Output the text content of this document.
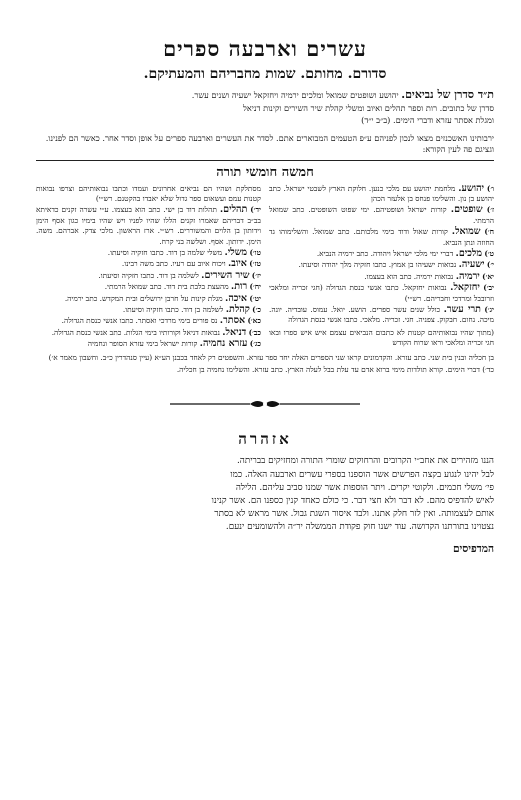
עשרים וארבעה ספרים
סדורם. מחותם. שמות מחבריהם והמעתיקם.

ת״ד סדרן של נביאים. יהושע ושופטים שמואל ומלכים ירמיה ויחזקאל ישעיה ושנים עשר.

סדרן של כתובים. רות וספר תהלים ואיוב ומשלי קהלת שיר השירים וקינות דניאל

ומגלת אסתר עזרא ודברי הימים. (ב״ב י״ד)

ירבותינו האשכנזים מצאו לנכון לפניהם ע״פ הטעמים המבוארים אתם. לסדר את העשרים וארבעה ספרים על אופן וסדר אחר. כאשר הם לפנינו. וגציגם פה לעין הקורא:
חמשה חומשי תורה
ו׳) יהושע. מלחמת יהושע עם מלכי כנען. חלוקת הארץ לשבטי ישראל. כתב יהושע בן נון. והשלימו פנחס בן אלעזר הכהן
ז׳) שופטים. קורות ישראל ושופטיהם. ימי שפוט השופטים. כתב שמואל הרמתי.
ח׳) שמואל. קורות שאול ודוד בימי מלכותם. כתב שמואל. והשלימוהו גד החוזה ונתן הנביא.
ט׳) מלכים. דברי ימי מלכי ישראל ויהודה. כתב ירמיה הנביא.
י׳) ישעיה. נבואות ישעיהו בן אמוץ. כתבו חזקיה מלך יהודה וסיעתו.
יא׳) ירמיה. נבואות ירמיה. כתב הוא בעצמו.
יב׳) יחזקאל. נבואות יחזקאל. כתבו אנשי כנסת הגדולה (חגי זכריה ומלאכי וזרובבל ומרדכי וחבריהם. רש״י)
יג׳) תרי עשר. כולל שנים עשר ספרים. הושע. יואל. עמוס. עובדיה. יונה. מיכה. נחום. חבקוק. צפניה. חגי. זכריה. מלאכי. כתבו אנשי כנסת הגדולה
(מתוך שהיו נבואותיהם קטנות לא כתבום הנביאים עצמם איש איש ספרו ובאו חגי זכריה ומלאכי וראו שרוח הקודש
מסתלקת ושהיו הם נביאים אחרונים ועמדו וכתבו נבואותיהם וצרפו נבואות קטנות עמם ועשאום ספר גדול שלא יאבדו בהקטנם. רש״י)
יד׳) תהלים. תהלות דוד בן ישי. כתב הוא בעצמו. ע״י עשרה זקנים כדאיתא בב״ב דבריהם שאמרו זקנים הללו שהיו לפניו ויש שהיו בימיו כגון אסף הימן וידותון בן הלוים והמשוררים. רש״י. ארז הראשון. מלכי צדק. אברהם. משה. הימן. ידותון. אסף. ושלשה בני קרח.
טו׳) משלי. משלי שלמה בן דוד. כתבו חזקיה וסיעתו.
טז׳) איוב. ויכוח איוב עם רעיו. כתב משה רבינו.
יז׳) שיר השירים. לשלמה בן דוד. כתבו חזקיה וסיעתו.
יח׳) רות. מהעצת בלבת בית דוד. כתב שמואל הרמתי.
יט׳) איכה. מגלת קינות על חרבן ירושלים ובית המקדש. כתב ירמיה.
כ׳) קהלת. לשלמה בן דוד. כתבו חזקיה וסיעתו.
כא׳) אסתר. נס פורים בימי מרדכי ואסתר. כתבו אנשי כנסת הגדולה.
כב׳) דניאל. נבואות דניאל וקורותיו בימי הגלות. כתב אנשי כנסת הגדולה.
כג׳) עזרא נחמיה. קורות ישראל בימי עזרא הסופר ונחמיה
בן חכליה ובנין בית שני. כתב עזרא. והקדמונים קראו שני הספרים האלה יחד ספר עזרא. והשפטים רק לאחד בכבנן הע״א (עיין סנהדרין כ״ב. וחשבון מאמר א׳)
כד׳) דברי הימים. קורא תולדות מימי ברוא אדם עד עלת בבל לעלה הארץ. כתב עזרא. והשלימו נחמיה בן חכליה.
אזהרה

הננו מזהירים את אחב״י הקרובים והרחוקים שומרי התורה ומחזיקים בבריתה.

לבל יהינו לנגוע בקצה הפרשים אשר הוספנו בספרי עשרים וארבעה האלה. כמו

פי׳ משלי חכמים. ולקוטי יקרים. ויתר הוספות אשר שמנו סביב עליהם. הלילה

לאיש להדפיס מהם. לא דבר ולא חצי דבר. כי כולם כאחד קנין כספנו הם. אשר קנינו

אותם לעצמותה. ואין לזר חלק אתנו. ולבד איסור השגת גבול. אשר מראש לא בסתר

נצטוינו בתורתנו הקדושה. עוד ישנו חוק פקודת הממשלה יר״ה ולהשומעים ינעם.

המדפיסים
